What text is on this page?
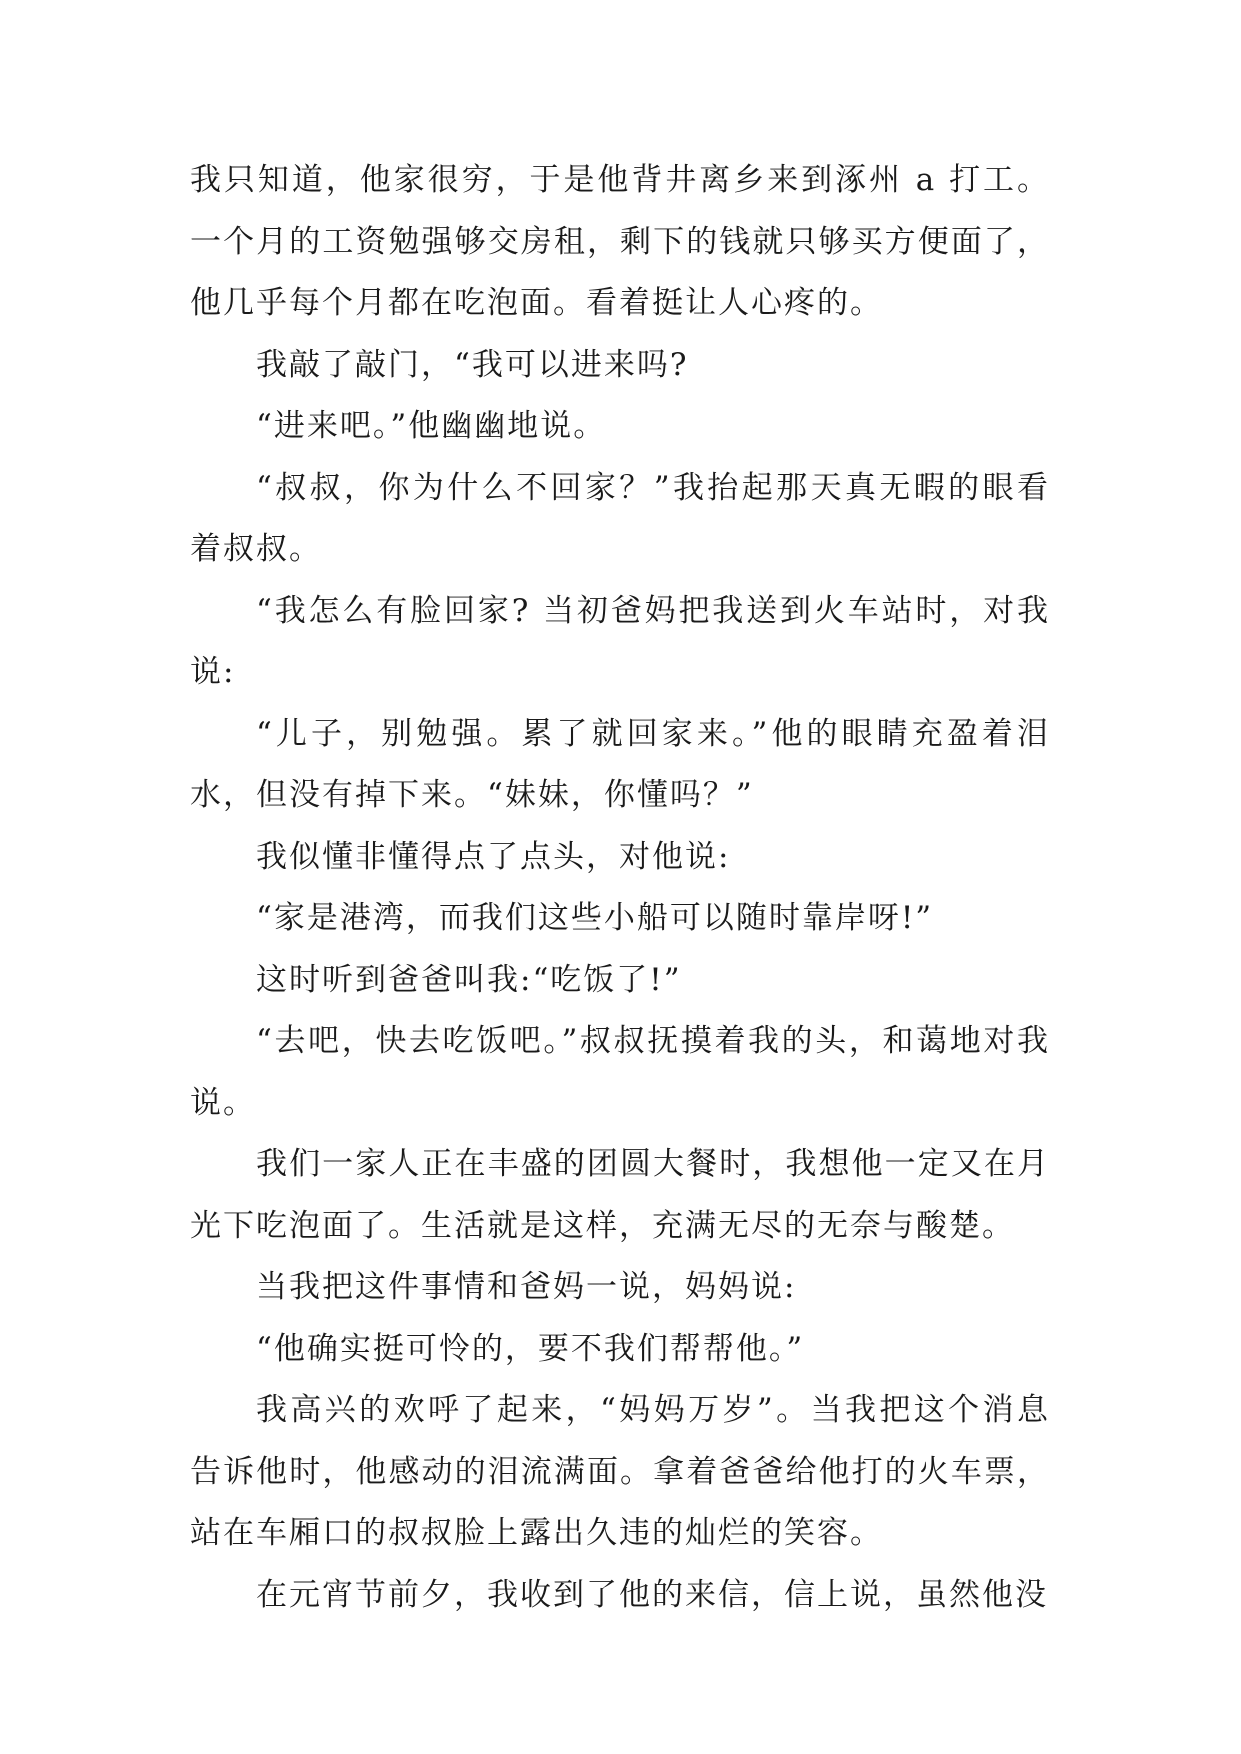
我只知道，他家很穷，于是他背井离乡来到涿州 a 打工。一个月的工资勉强够交房租，剩下的钱就只够买方便面了，他几乎每个月都在吃泡面。看着挺让人心疼的。

我敲了敲门，“我可以进来吗?

“进来吧。”他幽幽地说。

“叔叔，你为什么不回家？”我抬起那天真无暇的眼看着叔叔。

“我怎么有脸回家? 当初爸妈把我送到火车站时，对我说:

“儿子，别勉强。累了就回家来。”他的眼睛充盈着泪水，但没有掉下来。“妹妹，你懂吗？”

我似懂非懂得点了点头，对他说:

“家是港湾，而我们这些小船可以随时靠岸呀!”

这时听到爸爸叫我:“吃饭了!”

“去吧，快去吃饭吧。”叔叔抚摸着我的头，和蔼地对我说。

我们一家人正在丰盛的团圆大餐时，我想他一定又在月光下吃泡面了。生活就是这样，充满无尽的无奈与酸楚。

当我把这件事情和爸妈一说，妈妈说:

“他确实挺可怜的，要不我们帮帮他。”

我高兴的欢呼了起来，“妈妈万岁”。当我把这个消息告诉他时，他感动的泪流满面。拿着爸爸给他打的火车票，站在车厢口的叔叔脸上露出久违的灿烂的笑容。

在元宵节前夕，我收到了他的来信，信上说，虽然他没
